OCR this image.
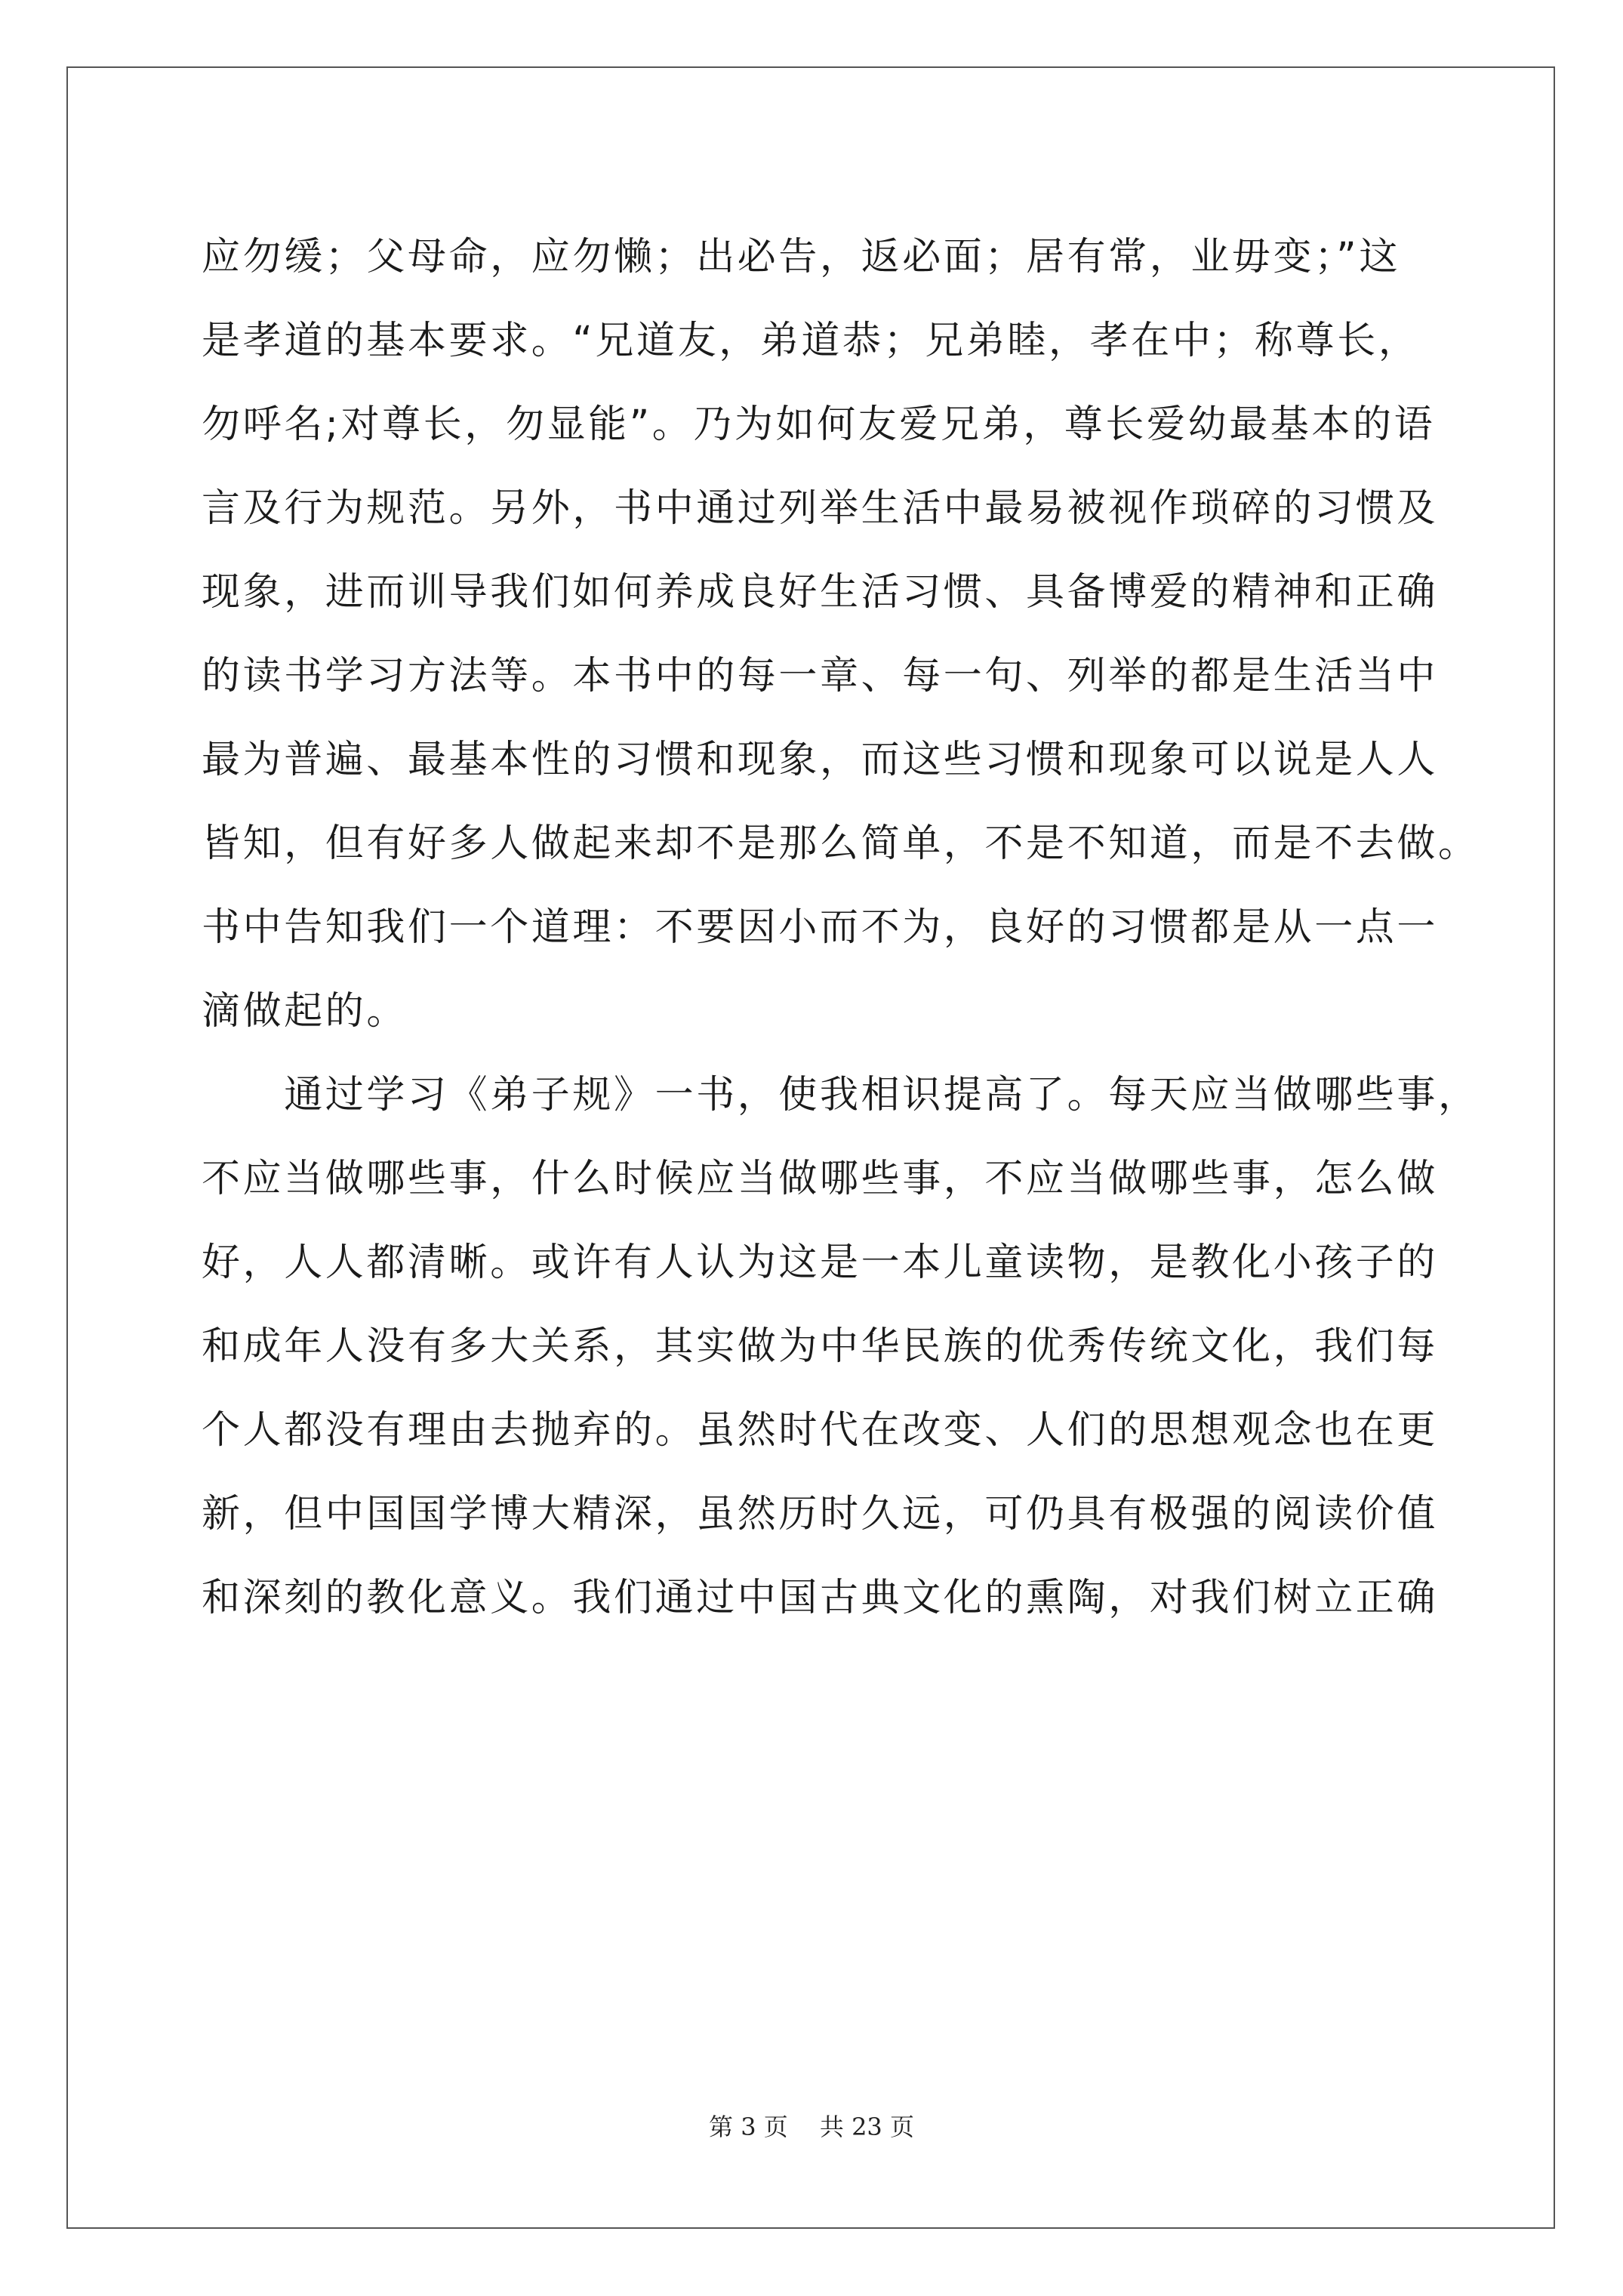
应勿缓；父母命，应勿懒；出必告，返必面；居有常，业毋变；”这
是孝道的基本要求。“兄道友，弟道恭；兄弟睦，孝在中；称尊长，
勿呼名;对尊长，勿显能”。乃为如何友爱兄弟，尊长爱幼最基本的语
言及行为规范。另外，书中通过列举生活中最易被视作琐碎的习惯及
现象，进而训导我们如何养成良好生活习惯、具备博爱的精神和正确
的读书学习方法等。本书中的每一章、每一句、列举的都是生活当中
最为普遍、最基本性的习惯和现象，而这些习惯和现象可以说是人人
皆知，但有好多人做起来却不是那么简单，不是不知道，而是不去做。
书中告知我们一个道理：不要因小而不为，良好的习惯都是从一点一
滴做起的。
　　通过学习《弟子规》一书，使我相识提高了。每天应当做哪些事，
不应当做哪些事，什么时候应当做哪些事，不应当做哪些事，怎么做
好，人人都清晰。或许有人认为这是一本儿童读物，是教化小孩子的
和成年人没有多大关系，其实做为中华民族的优秀传统文化，我们每
个人都没有理由去抛弃的。虽然时代在改变、人们的思想观念也在更
新，但中国国学博大精深，虽然历时久远，可仍具有极强的阅读价值
和深刻的教化意义。我们通过中国古典文化的熏陶，对我们树立正确
第 3 页　 共 23 页
